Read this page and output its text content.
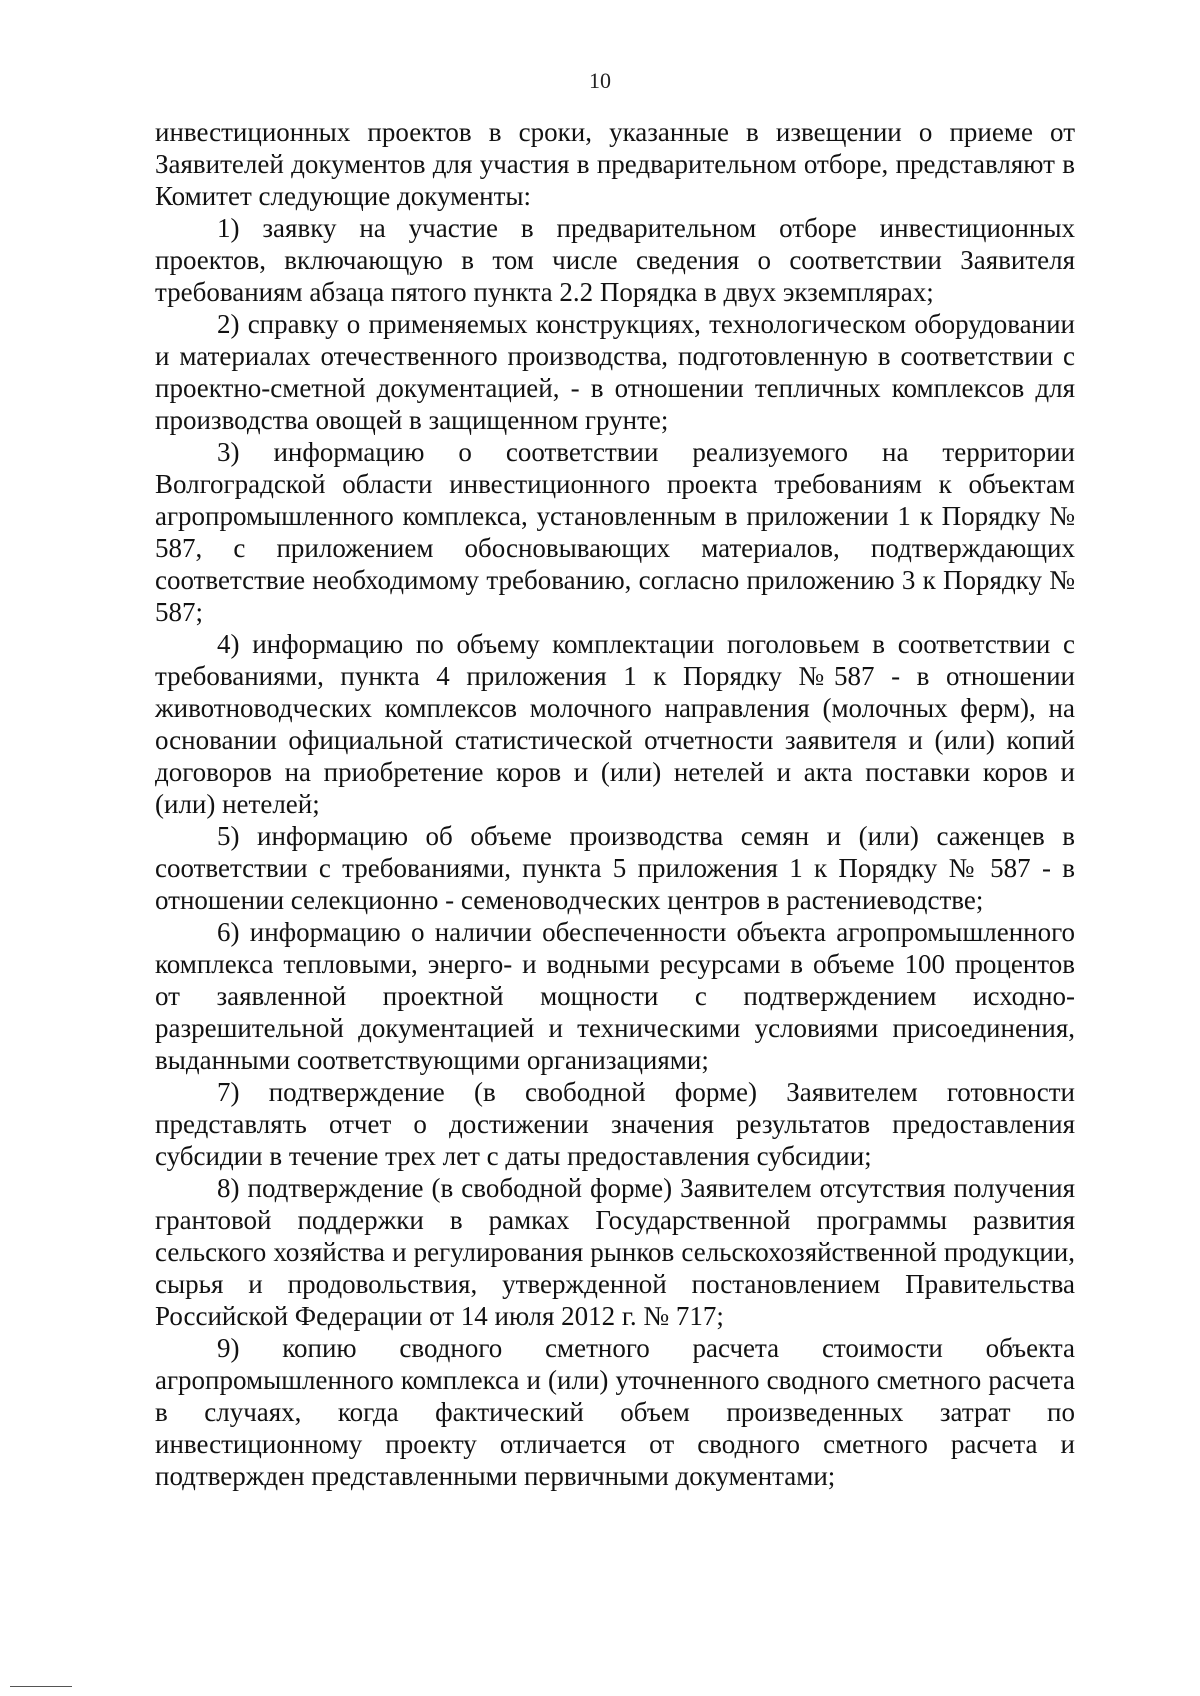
10

инвестиционных проектов в сроки, указанные в извещении о приеме от Заявителей документов для участия в предварительном отборе, представляют в Комитет следующие документы:

1) заявку на участие в предварительном отборе инвестиционных проектов, включающую в том числе сведения о соответствии Заявителя требованиям абзаца пятого пункта 2.2 Порядка в двух экземплярах;

2) справку о применяемых конструкциях, технологическом оборудовании и материалах отечественного производства, подготовленную в соответствии с проектно-сметной документацией, - в отношении тепличных комплексов для производства овощей в защищенном грунте;

3) информацию о соответствии реализуемого на территории Волгоградской области инвестиционного проекта требованиям к объектам агропромышленного комплекса, установленным в приложении 1 к Порядку № 587, с приложением обосновывающих материалов, подтверждающих соответствие необходимому требованию, согласно приложению 3 к Порядку № 587;

4) информацию по объему комплектации поголовьем в соответствии с требованиями, пункта 4 приложения 1 к Порядку №587 - в отношении животноводческих комплексов молочного направления (молочных ферм), на основании официальной статистической отчетности заявителя и (или) копий договоров на приобретение коров и (или) нетелей и акта поставки коров и (или) нетелей;

5) информацию об объеме производства семян и (или) саженцев в соответствии с требованиями, пункта 5 приложения 1 к Порядку № 587 - в отношении селекционно - семеноводческих центров в растениеводстве;

6) информацию о наличии обеспеченности объекта агропромышленного комплекса тепловыми, энерго- и водными ресурсами в объеме 100 процентов от заявленной проектной мощности с подтверждением исходно-разрешительной документацией и техническими условиями присоединения, выданными соответствующими организациями;

7) подтверждение (в свободной форме) Заявителем готовности представлять отчет о достижении значения результатов предоставления субсидии в течение трех лет с даты предоставления субсидии;

8) подтверждение (в свободной форме) Заявителем отсутствия получения грантовой поддержки в рамках Государственной программы развития сельского хозяйства и регулирования рынков сельскохозяйственной продукции, сырья и продовольствия, утвержденной постановлением Правительства Российской Федерации от 14 июля 2012 г. № 717;

9) копию сводного сметного расчета стоимости объекта агропромышленного комплекса и (или) уточненного сводного сметного расчета в случаях, когда фактический объем произведенных затрат по инвестиционному проекту отличается от сводного сметного расчета и подтвержден представленными первичными документами;
